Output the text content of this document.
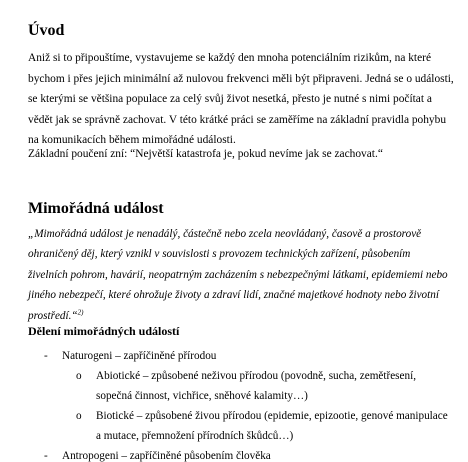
Úvod

Aniž si to připouštíme, vystavujeme se každý den mnoha potenciálním rizikům, na které
bychom i přes jejich minimální až nulovou frekvenci měli být připraveni. Jedná se o události,
se kterými se většina populace za celý svůj život nesetká, přesto je nutné s nimi počítat a
vědět jak se správně zachovat. V této krátké práci se zaměříme na základní pravidla pohybu
na komunikacích během mimořádné události.

Základní poučení zní: “Největší katastrofa je, pokud nevíme jak se zachovat.“

Mimořádná událost

„Mimořádná událost je nenadálý, částečně nebo zcela neovládaný, časově a prostorově
ohraničený děj, který vznikl v souvislosti s provozem technických zařízení, působením
živelních pohrom, havárií, neopatrným zacházením s nebezpečnými látkami, epidemiemi nebo
jiného nebezpečí, které ohrožuje životy a zdraví lidí, značné majetkové hodnoty nebo životní
prostředí.“$^{2)}$

Dělení mimořádných událostí
- Naturogeni – zapříčiněné přírodou
o Abiotické – způsobené neživou přírodou (povodně, sucha, zemětřesení,
sopečná činnost, vichřice, sněhové kalamity…)
o Biotické – způsobené živou přírodou (epidemie, epizootie, genové manipulace
a mutace, přemnožení přírodních škůdců…)
- Antropogeni – zapříčiněné působením člověka
